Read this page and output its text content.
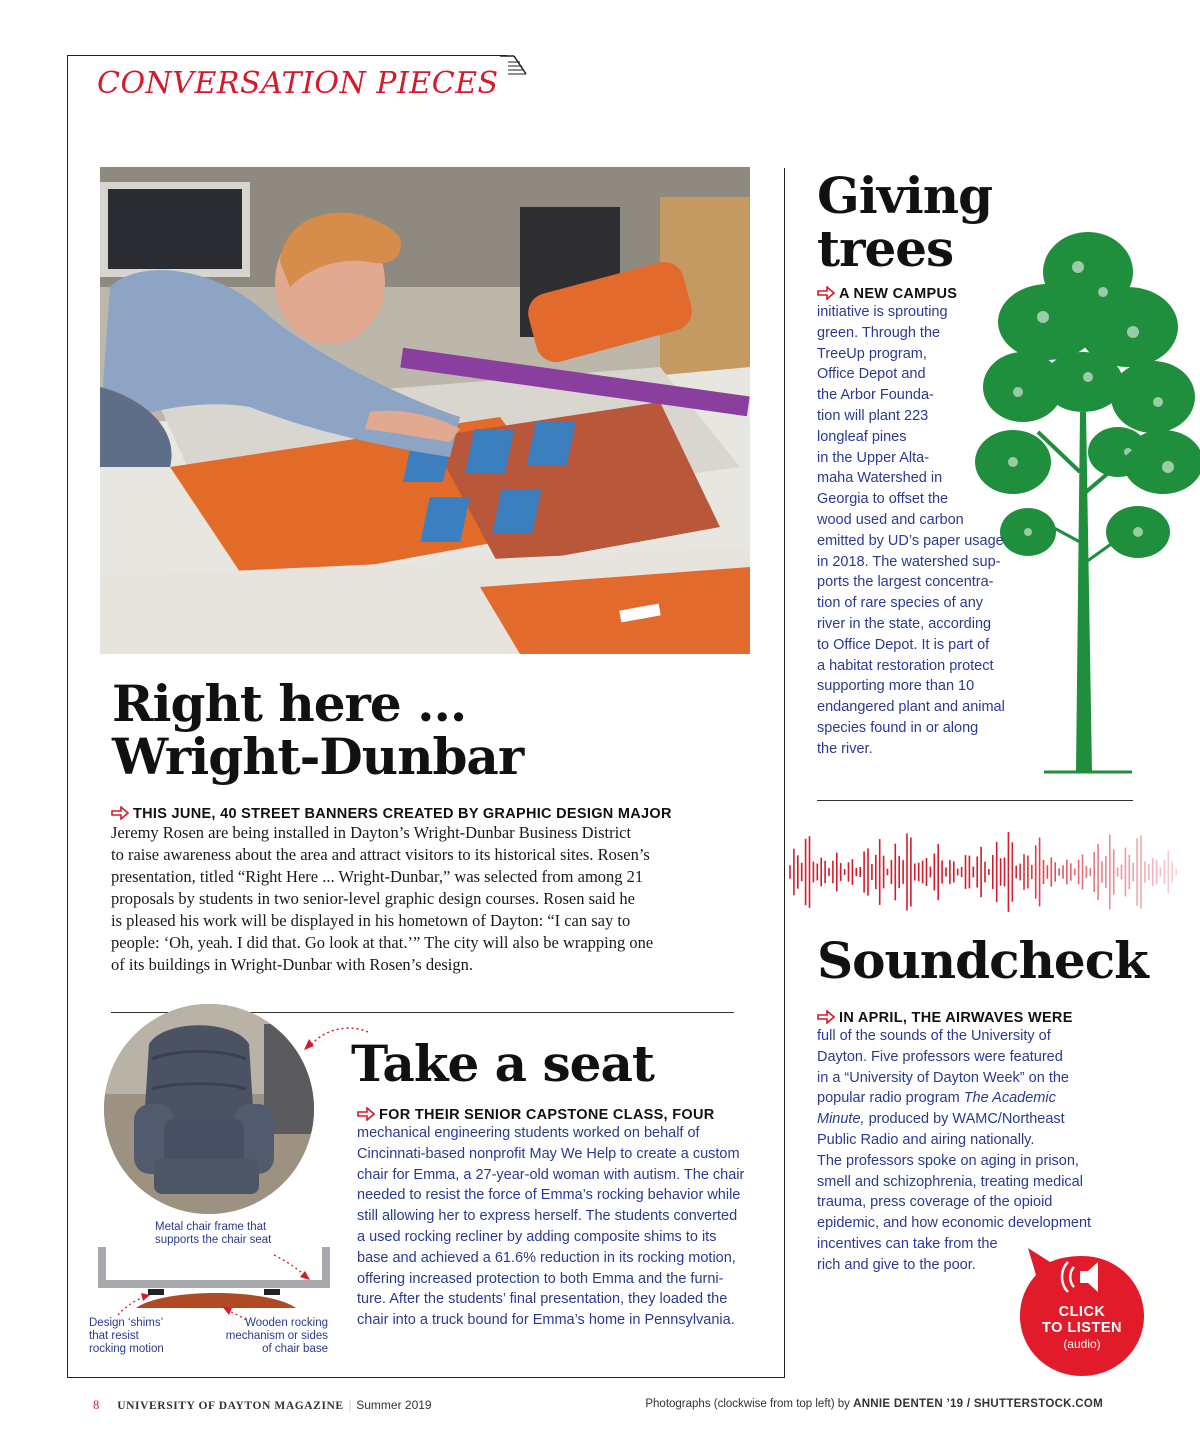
CONVERSATION PIECES
Right here ...
Wright-Dunbar
THIS JUNE, 40 STREET BANNERS CREATED BY GRAPHIC DESIGN MAJOR
Jeremy Rosen are being installed in Dayton’s Wright-Dunbar Business District
to raise awareness about the area and attract visitors to its historical sites. Rosen’s
presentation, titled “Right Here ... Wright-Dunbar,” was selected from among 21
proposals by students in two senior-level graphic design courses. Rosen said he
is pleased his work will be displayed in his hometown of Dayton: “I can say to
people: ‘Oh, yeah. I did that. Go look at that.’” The city will also be wrapping one
of its buildings in Wright-Dunbar with Rosen’s design.
Take a seat
FOR THEIR SENIOR CAPSTONE CLASS, FOUR
mechanical engineering students worked on behalf of
Cincinnati-based nonprofit May We Help to create a custom
chair for Emma, a 27-year-old woman with autism. The chair
needed to resist the force of Emma’s rocking behavior while
still allowing her to express herself. The students converted
a used rocking recliner by adding composite shims to its
base and achieved a 61.6% reduction in its rocking motion,
offering increased protection to both Emma and the furni-
ture. After the students’ final presentation, they loaded the
chair into a truck bound for Emma’s home in Pennsylvania.
Metal chair frame that
supports the chair seat
Design ‘shims’
that resist
rocking motion
Wooden rocking
mechanism or sides
of chair base
Giving
trees
A NEW CAMPUS
initiative is sprouting
green. Through the
TreeUp program,
Office Depot and
the Arbor Founda-
tion will plant 223
longleaf pines
in the Upper Alta-
maha Watershed in
Georgia to offset the
wood used and carbon
emitted by UD’s paper usage
in 2018. The watershed sup-
ports the largest concentra-
tion of rare species of any
river in the state, according
to Office Depot. It is part of
a habitat restoration protect
supporting more than 10
endangered plant and animal
species found in or along
the river.
Soundcheck
IN APRIL, THE AIRWAVES WERE
full of the sounds of the University of
Dayton. Five professors were featured
in a “University of Dayton Week” on the
popular radio program The Academic
Minute, produced by WAMC/Northeast
Public Radio and airing nationally.
The professors spoke on aging in prison,
smell and schizophrenia, treating medical
trauma, press coverage of the opioid
epidemic, and how economic development
incentives can take from the
rich and give to the poor.
CLICK
TO LISTEN
(audio)
8 UNIVERSITY OF DAYTON MAGAZINE | Summer 2019	Photographs (clockwise from top left) by ANNIE DENTEN ’19 / SHUTTERSTOCK.COM
